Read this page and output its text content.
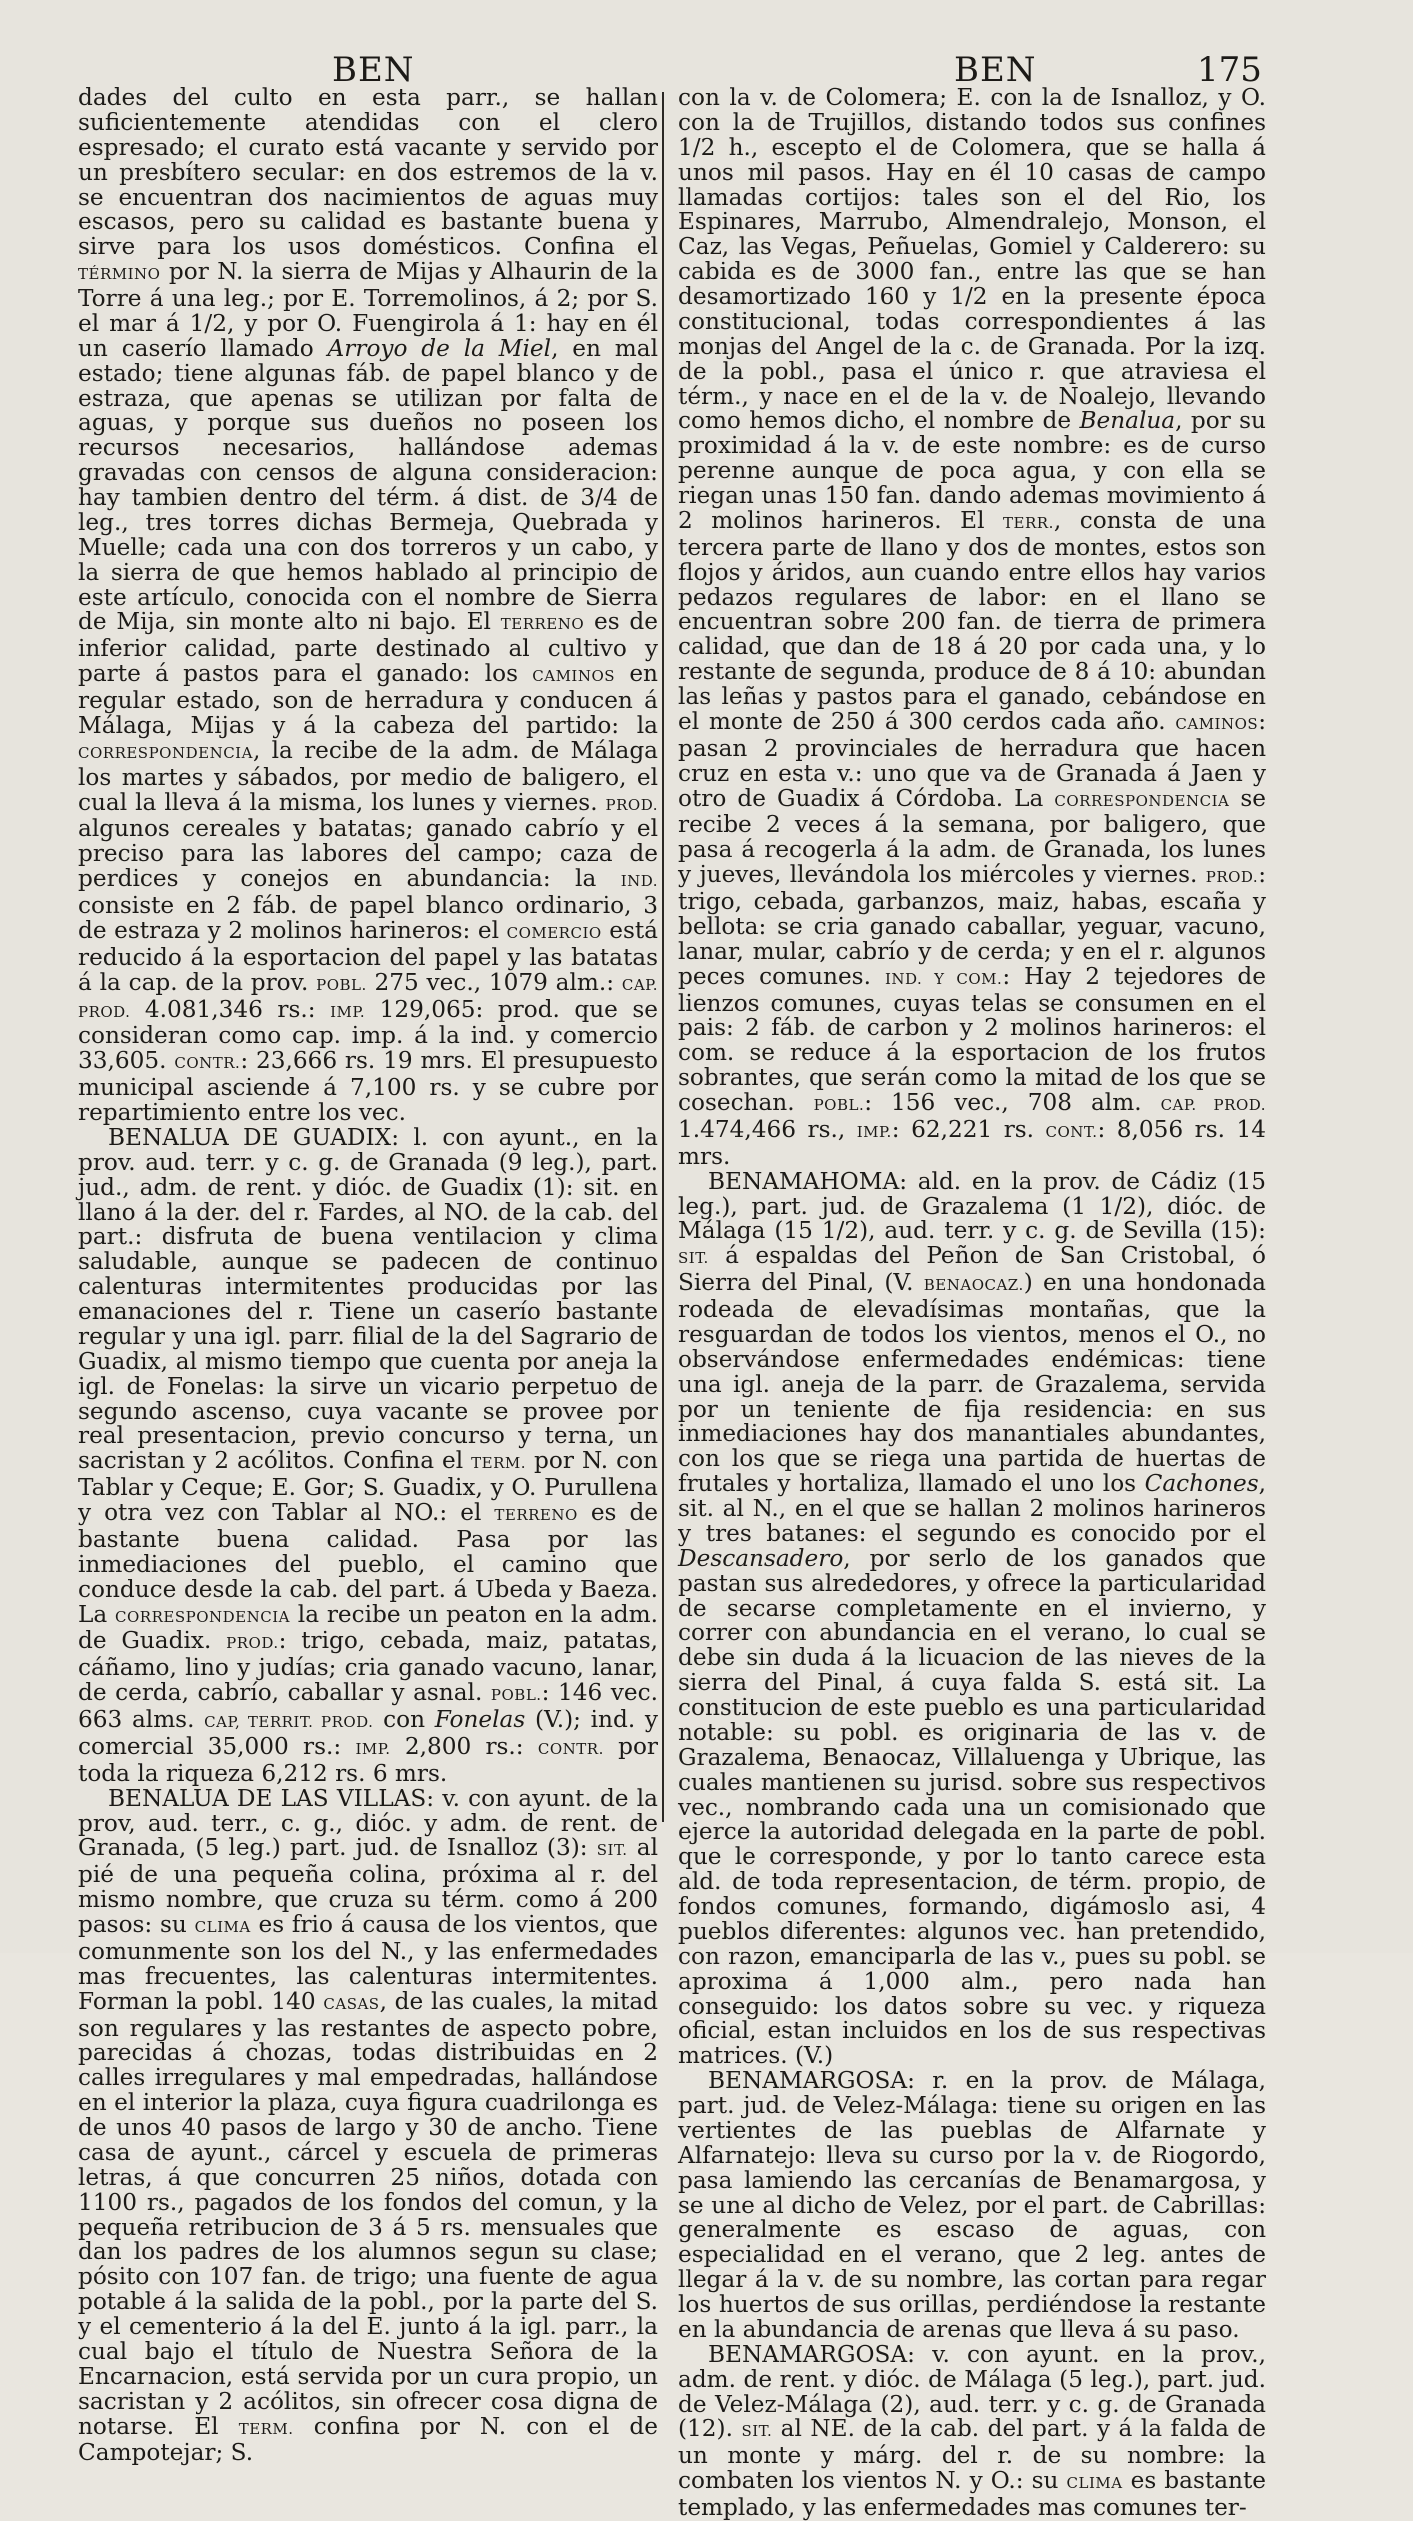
BEN	BEN	175

dades del culto en esta parr., se hallan suficientemente atendidas con el clero espresado; el curato está vacante y servido por un presbítero secular: en dos estremos de la v. se encuentran dos nacimientos de aguas muy escasos, pero su calidad es bastante buena y sirve para los usos domésticos. Confina el TÉRMINO por N. la sierra de Mijas y Alhaurin de la Torre á una leg.; por E. Torremolinos, á 2; por S. el mar á 1/2, y por O. Fuengirola á 1: hay en él un caserío llamado Arroyo de la Miel, en mal estado; tiene algunas fáb. de papel blanco y de estraza, que apenas se utilizan por falta de aguas, y porque sus dueños no poseen los recursos necesarios, hallándose ademas gravadas con censos de alguna consideracion: hay tambien dentro del térm. á dist. de 3/4 de leg., tres torres dichas Bermeja, Quebrada y Muelle; cada una con dos torreros y un cabo, y la sierra de que hemos hablado al principio de este artículo, conocida con el nombre de Sierra de Mija, sin monte alto ni bajo. El TERRENO es de inferior calidad, parte destinado al cultivo y parte á pastos para el ganado: los CAMINOS en regular estado, son de herradura y conducen á Málaga, Mijas y á la cabeza del partido: la CORRESPONDENCIA, la recibe de la adm. de Málaga los martes y sábados, por medio de baligero, el cual la lleva á la misma, los lunes y viernes. PROD. algunos cereales y batatas; ganado cabrío y el preciso para las labores del campo; caza de perdices y conejos en abundancia: la IND. consiste en 2 fáb. de papel blanco ordinario, 3 de estraza y 2 molinos harineros: el COMERCIO está reducido á la esportacion del papel y las batatas á la cap. de la prov. POBL. 275 vec., 1079 alm.: CAP. PROD. 4.081,346 rs.: IMP. 129,065: prod. que se consideran como cap. imp. á la ind. y comercio 33,605. CONTR.: 23,666 rs. 19 mrs. El presupuesto municipal asciende á 7,100 rs. y se cubre por repartimiento entre los vec.

BENALUA DE GUADIX: l. con ayunt., en la prov. aud. terr. y c. g. de Granada (9 leg.), part. jud., adm. de rent. y dióc. de Guadix (1): sit. en llano á la der. del r. Fardes, al NO. de la cab. del part.: disfruta de buena ventilacion y clima saludable, aunque se padecen de continuo calenturas intermitentes producidas por las emanaciones del r. Tiene un caserío bastante regular y una igl. parr. filial de la del Sagrario de Guadix, al mismo tiempo que cuenta por aneja la igl. de Fonelas: la sirve un vicario perpetuo de segundo ascenso, cuya vacante se provee por real presentacion, previo concurso y terna, un sacristan y 2 acólitos. Confina el TERM. por N. con Tablar y Ceque; E. Gor; S. Guadix, y O. Purullena y otra vez con Tablar al NO.: el TERRENO es de bastante buena calidad. Pasa por las inmediaciones del pueblo, el camino que conduce desde la cab. del part. á Ubeda y Baeza. La CORRESPONDENCIA la recibe un peaton en la adm. de Guadix. PROD.: trigo, cebada, maiz, patatas, cáñamo, lino y judías; cria ganado vacuno, lanar, de cerda, cabrío, caballar y asnal. POBL.: 146 vec. 663 alms. CAP, TERRIT. PROD. con Fonelas (V.); ind. y comercial 35,000 rs.: IMP. 2,800 rs.: CONTR. por toda la riqueza 6,212 rs. 6 mrs.

BENALUA DE LAS VILLAS: v. con ayunt. de la prov, aud. terr., c. g., dióc. y adm. de rent. de Granada, (5 leg.) part. jud. de Isnalloz (3): SIT. al pié de una pequeña colina, próxima al r. del mismo nombre, que cruza su térm. como á 200 pasos: su CLIMA es frio á causa de los vientos, que comunmente son los del N., y las enfermedades mas frecuentes, las calenturas intermitentes. Forman la pobl. 140 CASAS, de las cuales, la mitad son regulares y las restantes de aspecto pobre, parecidas á chozas, todas distribuidas en 2 calles irregulares y mal empedradas, hallándose en el interior la plaza, cuya figura cuadrilonga es de unos 40 pasos de largo y 30 de ancho. Tiene casa de ayunt., cárcel y escuela de primeras letras, á que concurren 25 niños, dotada con 1100 rs., pagados de los fondos del comun, y la pequeña retribucion de 3 á 5 rs. mensuales que dan los padres de los alumnos segun su clase; pósito con 107 fan. de trigo; una fuente de agua potable á la salida de la pobl., por la parte del S. y el cementerio á la del E. junto á la igl. parr., la cual bajo el título de Nuestra Señora de la Encarnacion, está servida por un cura propio, un sacristan y 2 acólitos, sin ofrecer cosa digna de notarse. El TERM. confina por N. con el de Campotejar; S.

con la v. de Colomera; E. con la de Isnalloz, y O. con la de Trujillos, distando todos sus confines 1/2 h., escepto el de Colomera, que se halla á unos mil pasos. Hay en él 10 casas de campo llamadas cortijos: tales son el del Rio, los Espinares, Marrubo, Almendralejo, Monson, el Caz, las Vegas, Peñuelas, Gomiel y Calderero: su cabida es de 3000 fan., entre las que se han desamortizado 160 y 1/2 en la presente época constitucional, todas correspondientes á las monjas del Angel de la c. de Granada. Por la izq. de la pobl., pasa el único r. que atraviesa el térm., y nace en el de la v. de Noalejo, llevando como hemos dicho, el nombre de Benalua, por su proximidad á la v. de este nombre: es de curso perenne aunque de poca agua, y con ella se riegan unas 150 fan. dando ademas movimiento á 2 molinos harineros. El TERR., consta de una tercera parte de llano y dos de montes, estos son flojos y áridos, aun cuando entre ellos hay varios pedazos regulares de labor: en el llano se encuentran sobre 200 fan. de tierra de primera calidad, que dan de 18 á 20 por cada una, y lo restante de segunda, produce de 8 á 10: abundan las leñas y pastos para el ganado, cebándose en el monte de 250 á 300 cerdos cada año. CAMINOS: pasan 2 provinciales de herradura que hacen cruz en esta v.: uno que va de Granada á Jaen y otro de Guadix á Córdoba. La CORRESPONDENCIA se recibe 2 veces á la semana, por baligero, que pasa á recogerla á la adm. de Granada, los lunes y jueves, llevándola los miércoles y viernes. PROD.: trigo, cebada, garbanzos, maiz, habas, escaña y bellota: se cria ganado caballar, yeguar, vacuno, lanar, mular, cabrío y de cerda; y en el r. algunos peces comunes. IND. Y COM.: Hay 2 tejedores de lienzos comunes, cuyas telas se consumen en el pais: 2 fáb. de carbon y 2 molinos harineros: el com. se reduce á la esportacion de los frutos sobrantes, que serán como la mitad de los que se cosechan. POBL.: 156 vec., 708 alm. CAP. PROD. 1.474,466 rs., IMP.: 62,221 rs. CONT.: 8,056 rs. 14 mrs.

BENAMAHOMA: ald. en la prov. de Cádiz (15 leg.), part. jud. de Grazalema (1 1/2), dióc. de Málaga (15 1/2), aud. terr. y c. g. de Sevilla (15): SIT. á espaldas del Peñon de San Cristobal, ó Sierra del Pinal, (V. BENAOCAZ.) en una hondonada rodeada de elevadísimas montañas, que la resguardan de todos los vientos, menos el O., no observándose enfermedades endémicas: tiene una igl. aneja de la parr. de Grazalema, servida por un teniente de fija residencia: en sus inmediaciones hay dos manantiales abundantes, con los que se riega una partida de huertas de frutales y hortaliza, llamado el uno los Cachones, sit. al N., en el que se hallan 2 molinos harineros y tres batanes: el segundo es conocido por el Descansadero, por serlo de los ganados que pastan sus alrededores, y ofrece la particularidad de secarse completamente en el invierno, y correr con abundancia en el verano, lo cual se debe sin duda á la licuacion de las nieves de la sierra del Pinal, á cuya falda S. está sit. La constitucion de este pueblo es una particularidad notable: su pobl. es originaria de las v. de Grazalema, Benaocaz, Villaluenga y Ubrique, las cuales mantienen su jurisd. sobre sus respectivos vec., nombrando cada una un comisionado que ejerce la autoridad delegada en la parte de pobl. que le corresponde, y por lo tanto carece esta ald. de toda representacion, de térm. propio, de fondos comunes, formando, digámoslo asi, 4 pueblos diferentes: algunos vec. han pretendido, con razon, emanciparla de las v., pues su pobl. se aproxima á 1,000 alm., pero nada han conseguido: los datos sobre su vec. y riqueza oficial, estan incluidos en los de sus respectivas matrices. (V.)

BENAMARGOSA: r. en la prov. de Málaga, part. jud. de Velez-Málaga: tiene su origen en las vertientes de las pueblas de Alfarnate y Alfarnatejo: lleva su curso por la v. de Riogordo, pasa lamiendo las cercanías de Benamargosa, y se une al dicho de Velez, por el part. de Cabrillas: generalmente es escaso de aguas, con especialidad en el verano, que 2 leg. antes de llegar á la v. de su nombre, las cortan para regar los huertos de sus orillas, perdiéndose la restante en la abundancia de arenas que lleva á su paso.

BENAMARGOSA: v. con ayunt. en la prov., adm. de rent. y dióc. de Málaga (5 leg.), part. jud. de Velez-Málaga (2), aud. terr. y c. g. de Granada (12). SIT. al NE. de la cab. del part. y á la falda de un monte y márg. del r. de su nombre: la combaten los vientos N. y O.: su CLIMA es bastante templado, y las enfermedades mas comunes ter-
